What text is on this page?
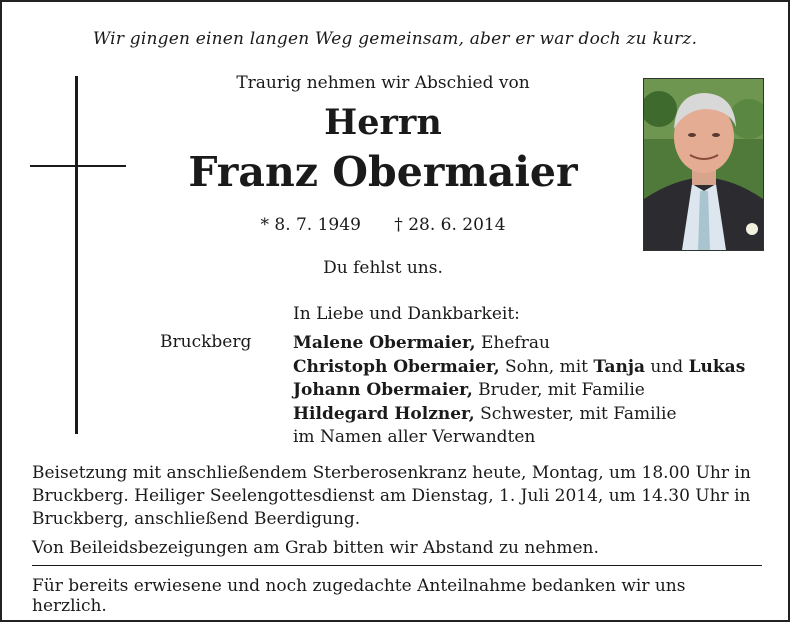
Wir gingen einen langen Weg gemeinsam, aber er war doch zu kurz.
Traurig nehmen wir Abschied von
Herrn
Franz Obermaier
* 8. 7. 1949 † 28. 6. 2014
Du fehlst uns.
In Liebe und Dankbarkeit:
Bruckberg Malene Obermaier, Ehefrau
Christoph Obermaier, Sohn, mit Tanja und Lukas
Johann Obermaier, Bruder, mit Familie
Hildegard Holzner, Schwester, mit Familie
im Namen aller Verwandten

Beisetzung mit anschließendem Sterberosenkranz heute, Montag, um 18.00 Uhr in Bruckberg. Heiliger Seelengottesdienst am Dienstag, 1. Juli 2014, um 14.30 Uhr in Bruckberg, anschließend Beerdigung.

Von Beileidsbezeigungen am Grab bitten wir Abstand zu nehmen.

Für bereits erwiesene und noch zugedachte Anteilnahme bedanken wir uns herzlich.
